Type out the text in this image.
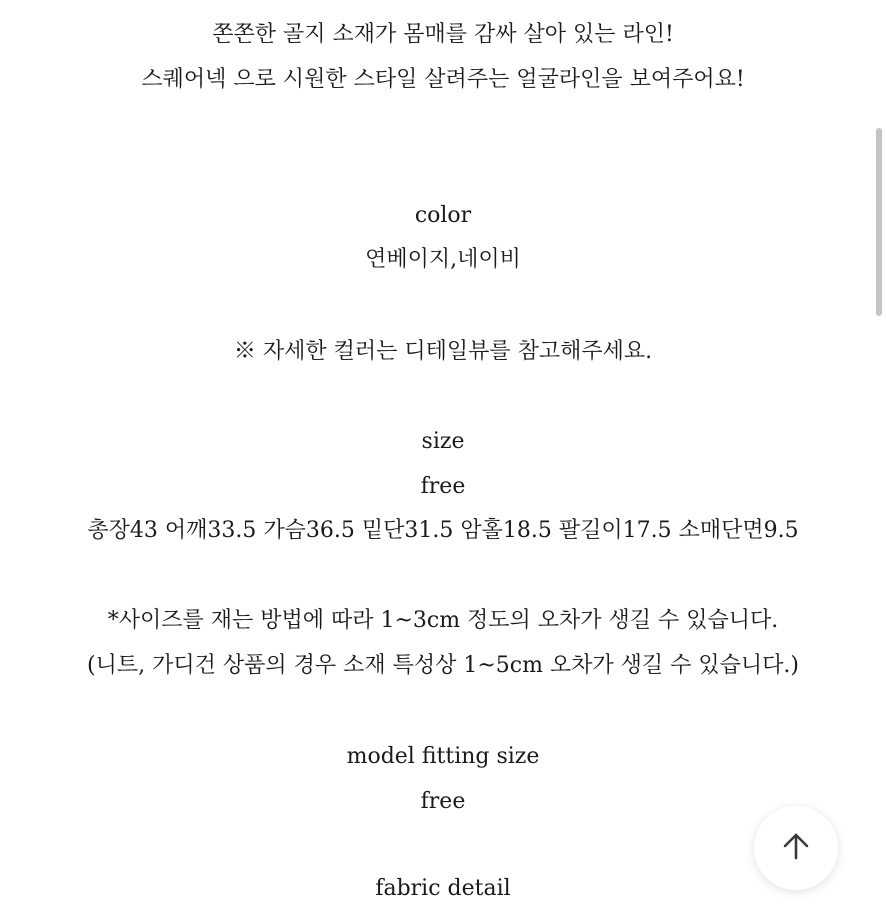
쫀쫀한 골지 소재가 몸매를 감싸 살아 있는 라인!
스퀘어넥 으로 시원한 스타일 살려주는 얼굴라인을 보여주어요!
color
연베이지,네이비
※ 자세한 컬러는 디테일뷰를 참고해주세요.
size
free
총장43 어깨33.5 가슴36.5 밑단31.5 암홀18.5 팔길이17.5 소매단면9.5
*사이즈를 재는 방법에 따라 1~3cm 정도의 오차가 생길 수 있습니다.
(니트, 가디건 상품의 경우 소재 특성상 1~5cm 오차가 생길 수 있습니다.)
model fitting size
free
fabric detail
